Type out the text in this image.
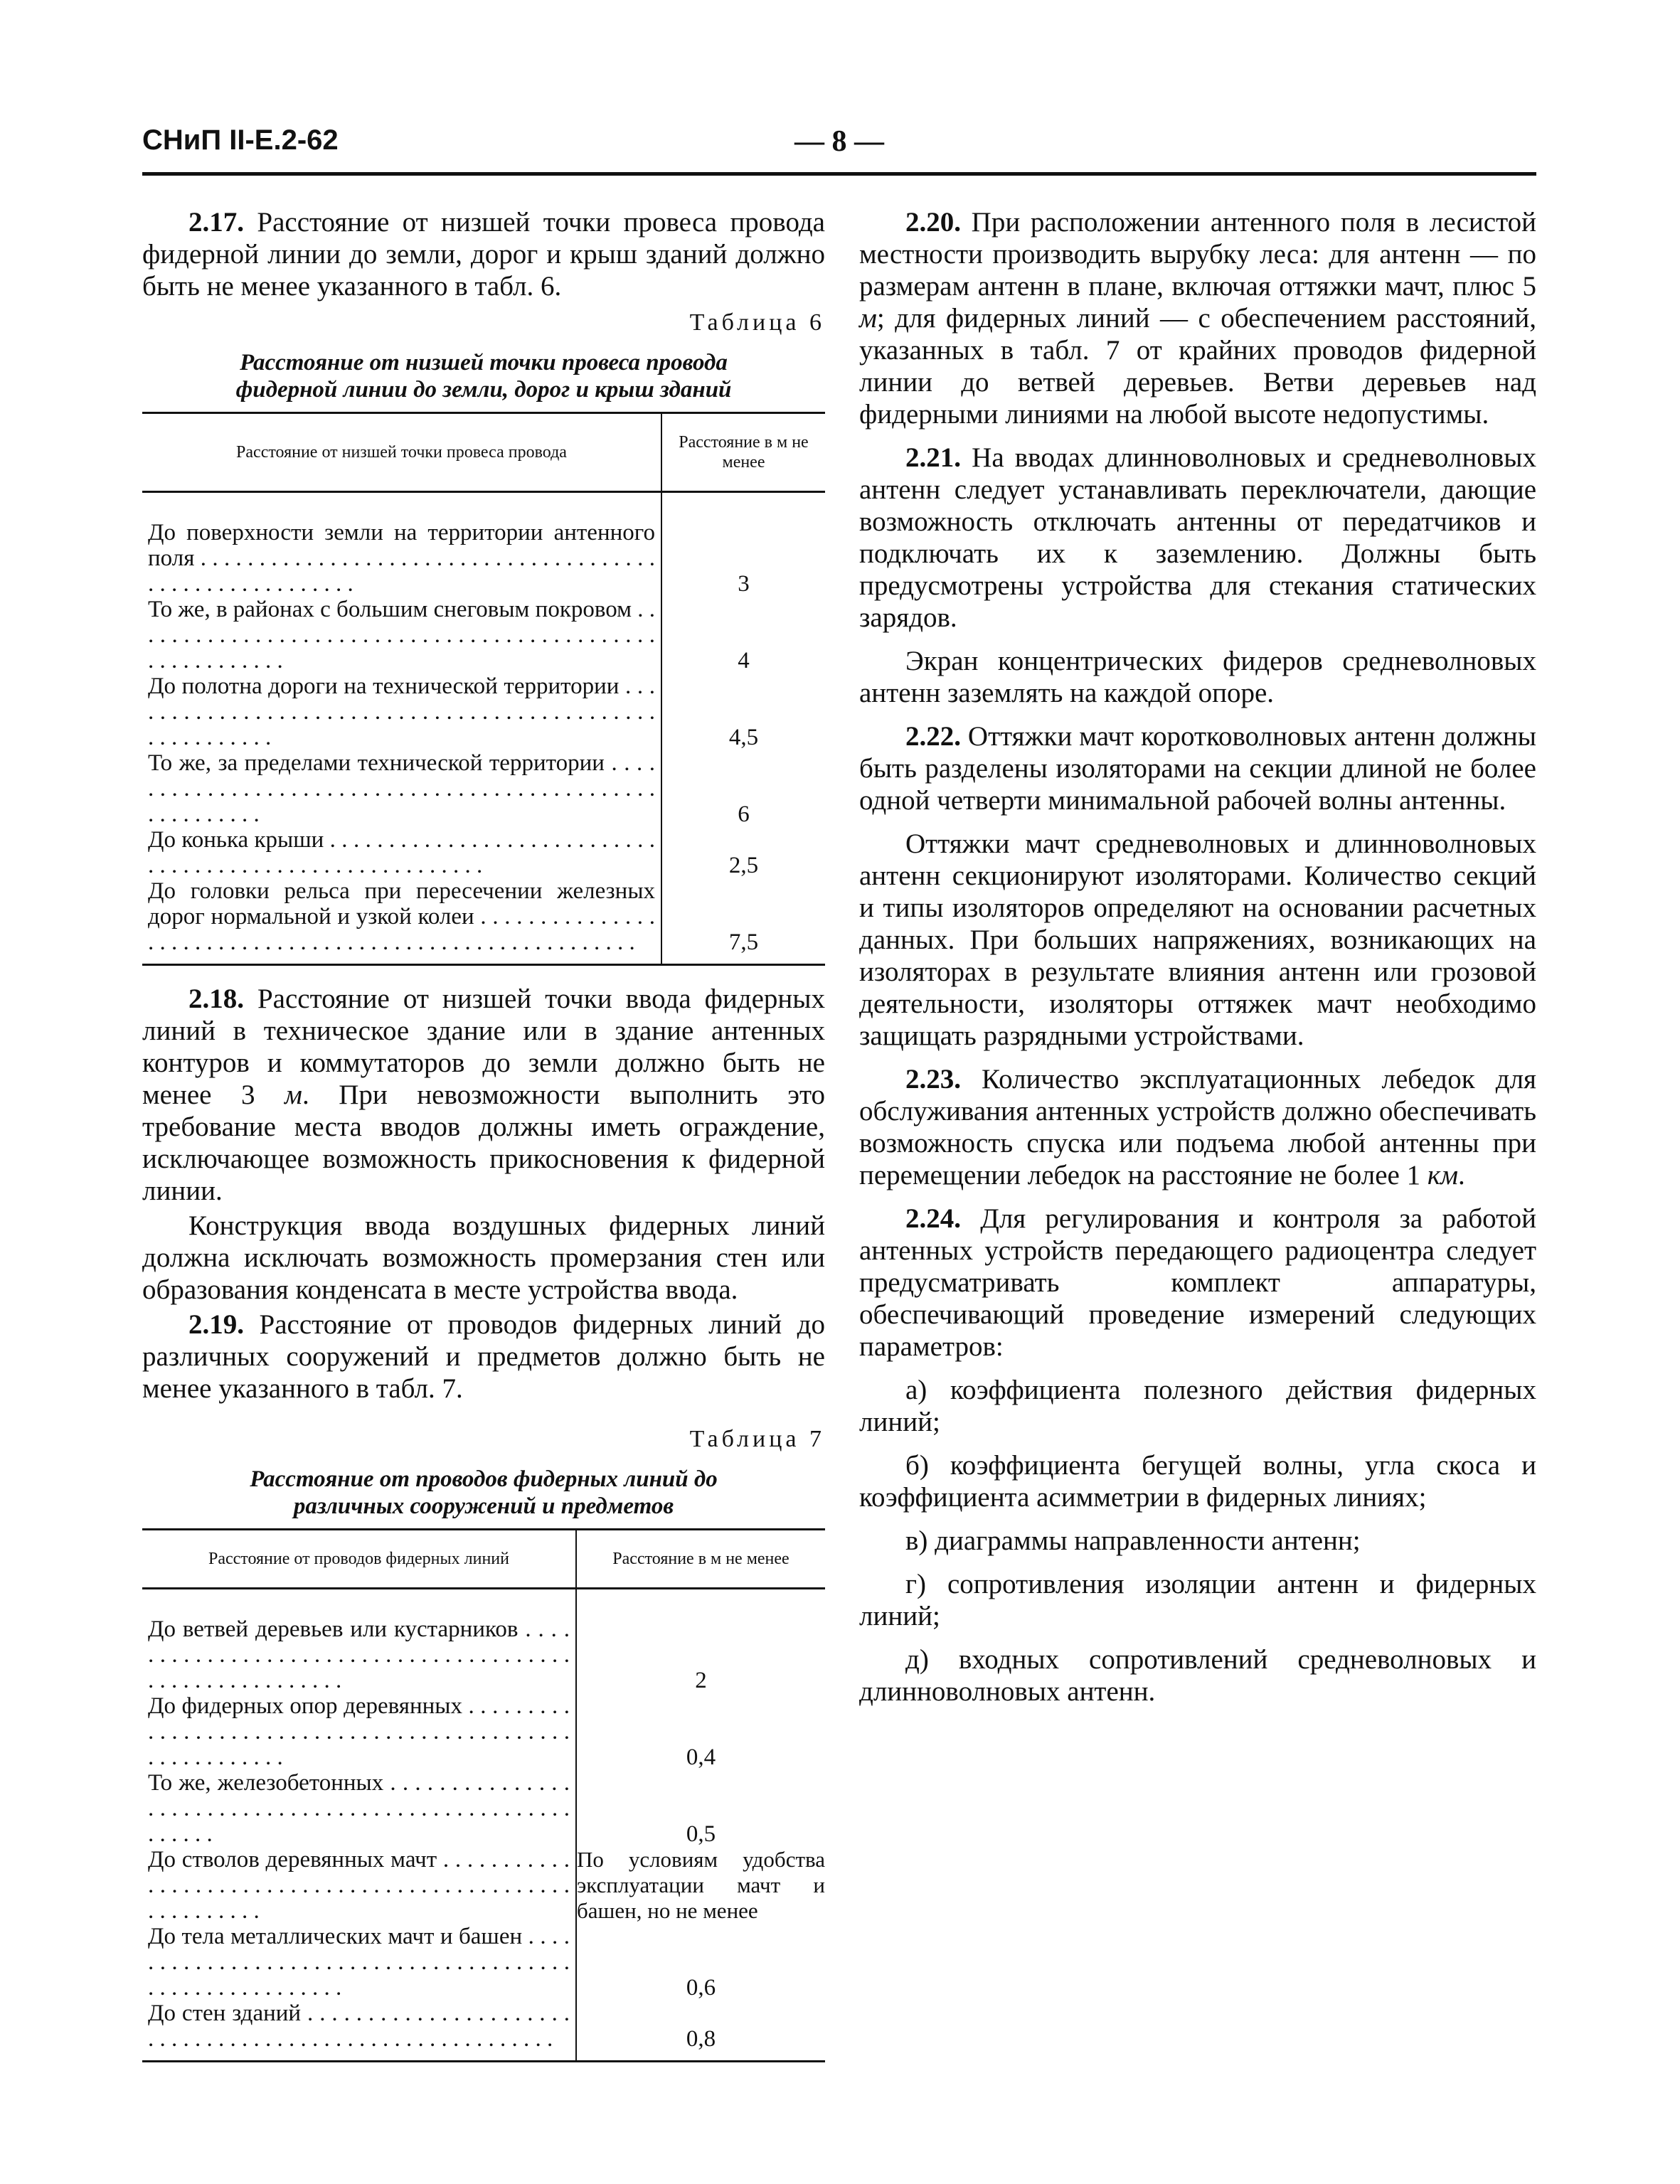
СНиП II-Е.2-62	— 8 —

2.17. Расстояние от низшей точки провеса провода фидерной линии до земли, дорог и крыш зданий должно быть не менее указанного в табл. 6.

Таблица 6
Расстояние от низшей точки провеса провода
фидерной линии до земли, дорог и крыш зданий
Расстояние от низшей точки провеса провода	Расстояние в м не менее

До поверхности земли на территории антенного поля . . .	3

То же, в районах с большим снеговым покровом . . .	4

До полотна дороги на технической территории . . .	4,5

То же, за пределами технической территории . . .	6

До конька крыши . . .	2,5

До головки рельса при пересечении железных дорог нормальной и узкой колеи . . .	7,5

2.18. Расстояние от низшей точки ввода фидерных линий в техническое здание или в здание антенных контуров и коммутаторов до земли должно быть не менее 3 м. При невозможности выполнить это требование места вводов должны иметь ограждение, исключающее возможность прикосновения к фидерной линии.

Конструкция ввода воздушных фидерных линий должна исключать возможность промерзания стен или образования конденсата в месте устройства ввода.

2.19. Расстояние от проводов фидерных линий до различных сооружений и предметов должно быть не менее указанного в табл. 7.

Таблица 7
Расстояние от проводов фидерных линий до
различных сооружений и предметов
Расстояние от проводов фидерных линий	Расстояние в м не менее

До ветвей деревьев или кустарников . . .	2

До фидерных опор деревянных . . .	0,4

То же, железобетонных . . .	0,5

До стволов деревянных мачт . . .	По условиям удобства эксплуатации мачт и башен, но не менее

До тела металлических мачт и башен . . .	0,6

До стен зданий . . .	0,8

2.20. При расположении антенного поля в лесистой местности производить вырубку леса: для антенн — по размерам антенн в плане, включая оттяжки мачт, плюс 5 м; для фидерных линий — с обеспечением расстояний, указанных в табл. 7 от крайних проводов фидерной линии до ветвей деревьев. Ветви деревьев над фидерными линиями на любой высоте недопустимы.

2.21. На вводах длинноволновых и средневолновых антенн следует устанавливать переключатели, дающие возможность отключать антенны от передатчиков и подключать их к заземлению. Должны быть предусмотрены устройства для стекания статических зарядов.

Экран концентрических фидеров средневолновых антенн заземлять на каждой опоре.

2.22. Оттяжки мачт коротковолновых антенн должны быть разделены изоляторами на секции длиной не более одной четверти минимальной рабочей волны антенны.

Оттяжки мачт средневолновых и длинноволновых антенн секционируют изоляторами. Количество секций и типы изоляторов определяют на основании расчетных данных. При больших напряжениях, возникающих на изоляторах в результате влияния антенн или грозовой деятельности, изоляторы оттяжек мачт необходимо защищать разрядными устройствами.

2.23. Количество эксплуатационных лебедок для обслуживания антенных устройств должно обеспечивать возможность спуска или подъема любой антенны при перемещении лебедок на расстояние не более 1 км.

2.24. Для регулирования и контроля за работой антенных устройств передающего радиоцентра следует предусматривать комплект аппаратуры, обеспечивающий проведение измерений следующих параметров:

а) коэффициента полезного действия фидерных линий;

б) коэффициента бегущей волны, угла скоса и коэффициента асимметрии в фидерных линиях;

в) диаграммы направленности антенн;

г) сопротивления изоляции антенн и фидерных линий;

д) входных сопротивлений средневолновых и длинноволновых антенн.
